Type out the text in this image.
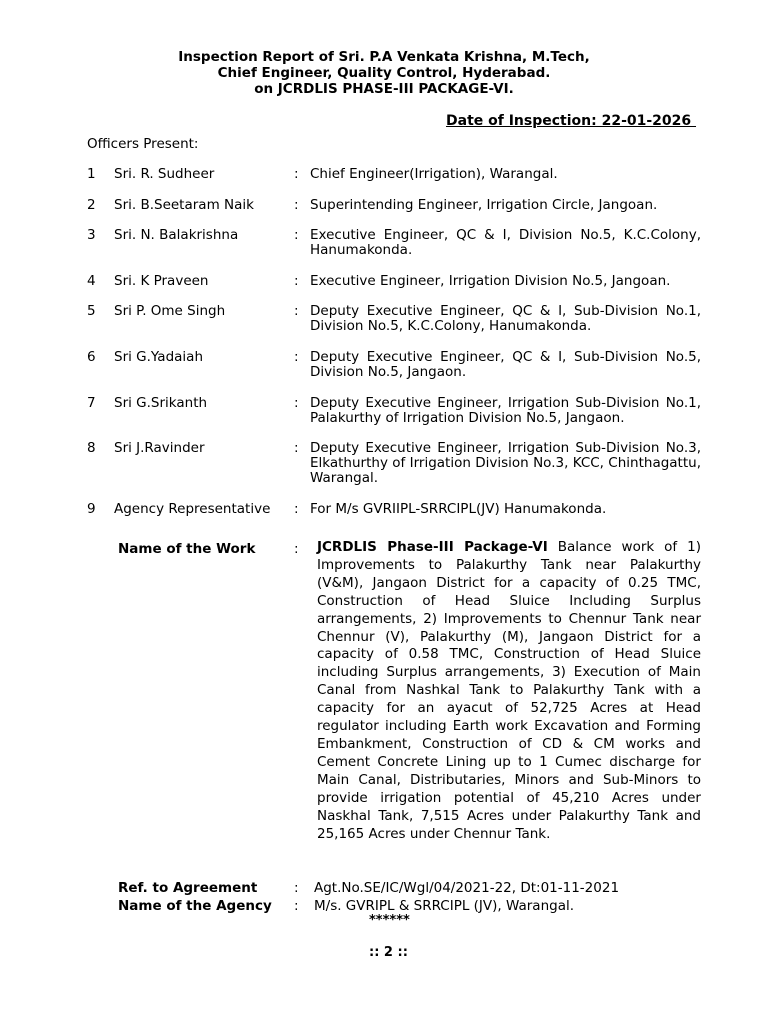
Inspection Report of Sri. P.A Venkata Krishna, M.Tech,
Chief Engineer, Quality Control, Hyderabad.
on JCRDLIS PHASE-III PACKAGE-VI.
Date of Inspection: 22-01-2026
Officers Present:
1 Sri. R. Sudheer	: Chief Engineer(Irrigation), Warangal.
2 Sri. B.Seetaram Naik	: Superintending Engineer, Irrigation Circle, Jangoan.
3 Sri. N. Balakrishna	: Executive Engineer, QC & I, Division No.5, K.C.Colony, Hanumakonda.
4 Sri. K Praveen	: Executive Engineer, Irrigation Division No.5, Jangoan.
5 Sri P. Ome Singh	: Deputy Executive Engineer, QC & I, Sub-Division No.1, Division No.5, K.C.Colony, Hanumakonda.
6 Sri G.Yadaiah	: Deputy Executive Engineer, QC & I, Sub-Division No.5, Division No.5, Jangaon.
7 Sri G.Srikanth	: Deputy Executive Engineer, Irrigation Sub-Division No.1, Palakurthy of Irrigation Division No.5, Jangaon.
8 Sri J.Ravinder	: Deputy Executive Engineer, Irrigation Sub-Division No.3, Elkathurthy of Irrigation Division No.3, KCC, Chinthagattu, Warangal.
9 Agency Representative : For M/s GVRIIPL-SRRCIPL(JV) Hanumakonda.
Name of the Work	: JCRDLIS Phase-III Package-VI Balance work of 1) Improvements to Palakurthy Tank near Palakurthy (V&M), Jangaon District for a capacity of 0.25 TMC, Construction of Head Sluice Including Surplus arrangements, 2) Improvements to Chennur Tank near Chennur (V), Palakurthy (M), Jangaon District for a capacity of 0.58 TMC, Construction of Head Sluice including Surplus arrangements, 3) Execution of Main Canal from Nashkal Tank to Palakurthy Tank with a capacity for an ayacut of 52,725 Acres at Head regulator including Earth work Excavation and Forming Embankment, Construction of CD & CM works and Cement Concrete Lining up to 1 Cumec discharge for Main Canal, Distributaries, Minors and Sub-Minors to provide irrigation potential of 45,210 Acres under Naskhal Tank, 7,515 Acres under Palakurthy Tank and 25,165 Acres under Chennur Tank.
Ref. to Agreement	: Agt.No.SE/IC/Wgl/04/2021-22, Dt:01-11-2021
Name of the Agency : M/s. GVRIPL & SRRCIPL (JV), Warangal.
******
:: 2 ::
